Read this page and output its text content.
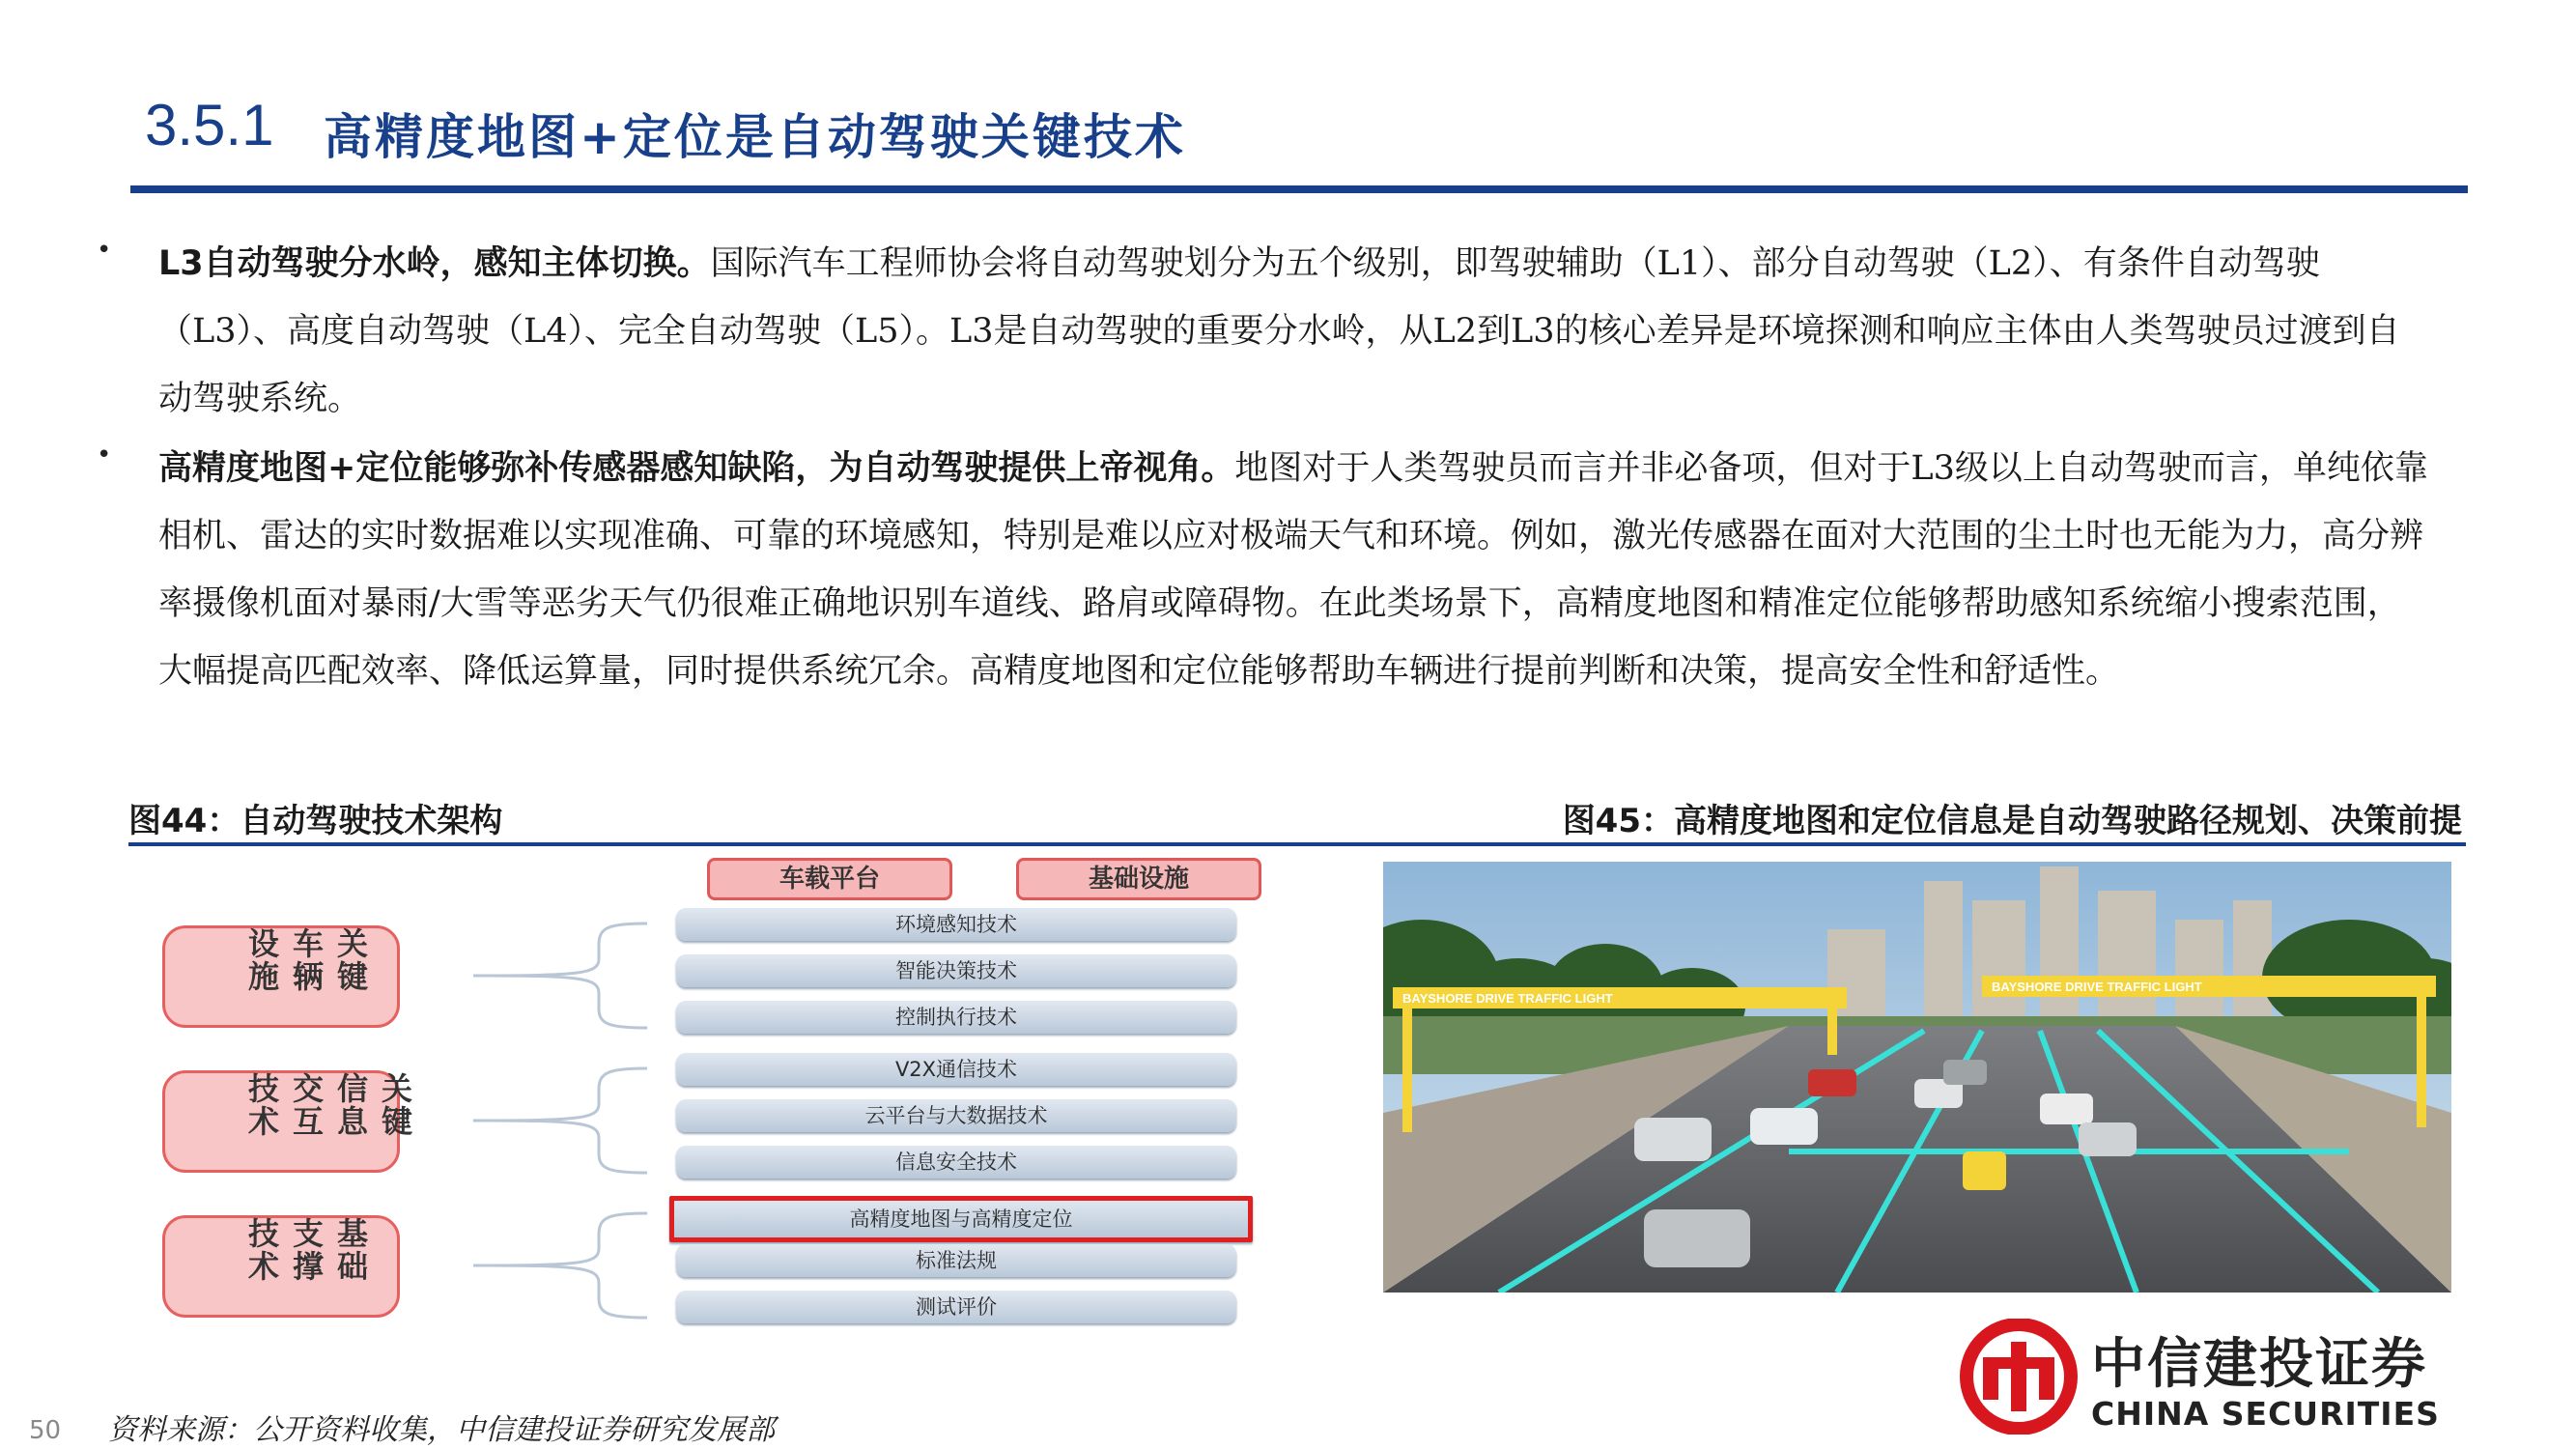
3.5.1 高精度地图+定位是自动驾驶关键技术
• L3自动驾驶分水岭，感知主体切换。国际汽车工程师协会将自动驾驶划分为五个级别，即驾驶辅助（L1）、部分自动驾驶（L2）、有条件自动驾驶（L3）、高度自动驾驶（L4）、完全自动驾驶（L5）。L3是自动驾驶的重要分水岭，从L2到L3的核心差异是环境探测和响应主体由人类驾驶员过渡到自动驾驶系统。
• 高精度地图+定位能够弥补传感器感知缺陷，为自动驾驶提供上帝视角。地图对于人类驾驶员而言并非必备项，但对于L3级以上自动驾驶而言，单纯依靠相机、雷达的实时数据难以实现准确、可靠的环境感知，特别是难以应对极端天气和环境。例如，激光传感器在面对大范围的尘土时也无能为力，高分辨率摄像机面对暴雨/大雪等恶劣天气仍很难正确地识别车道线、路肩或障碍物。在此类场景下，高精度地图和精准定位能够帮助感知系统缩小搜索范围，大幅提高匹配效率、降低运算量，同时提供系统冗余。高精度地图和定位能够帮助车辆进行提前判断和决策，提高安全性和舒适性。
图44：自动驾驶技术架构	图45：高精度地图和定位信息是自动驾驶路径规划、决策前提
车载平台	基础设施
关键车辆设施
关键信息交互技术
基础支撑技术
环境感知技术
智能决策技术
控制执行技术
V2X通信技术
云平台与大数据技术
信息安全技术
高精度地图与高精度定位
标准法规
测试评价
BAYSHORE DRIVE TRAFFIC LIGHT
BAYSHORE DRIVE TRAFFIC LIGHT
50 资料来源：公开资料收集，中信建投证券研究发展部
中信建投证券
CHINA SECURITIES
